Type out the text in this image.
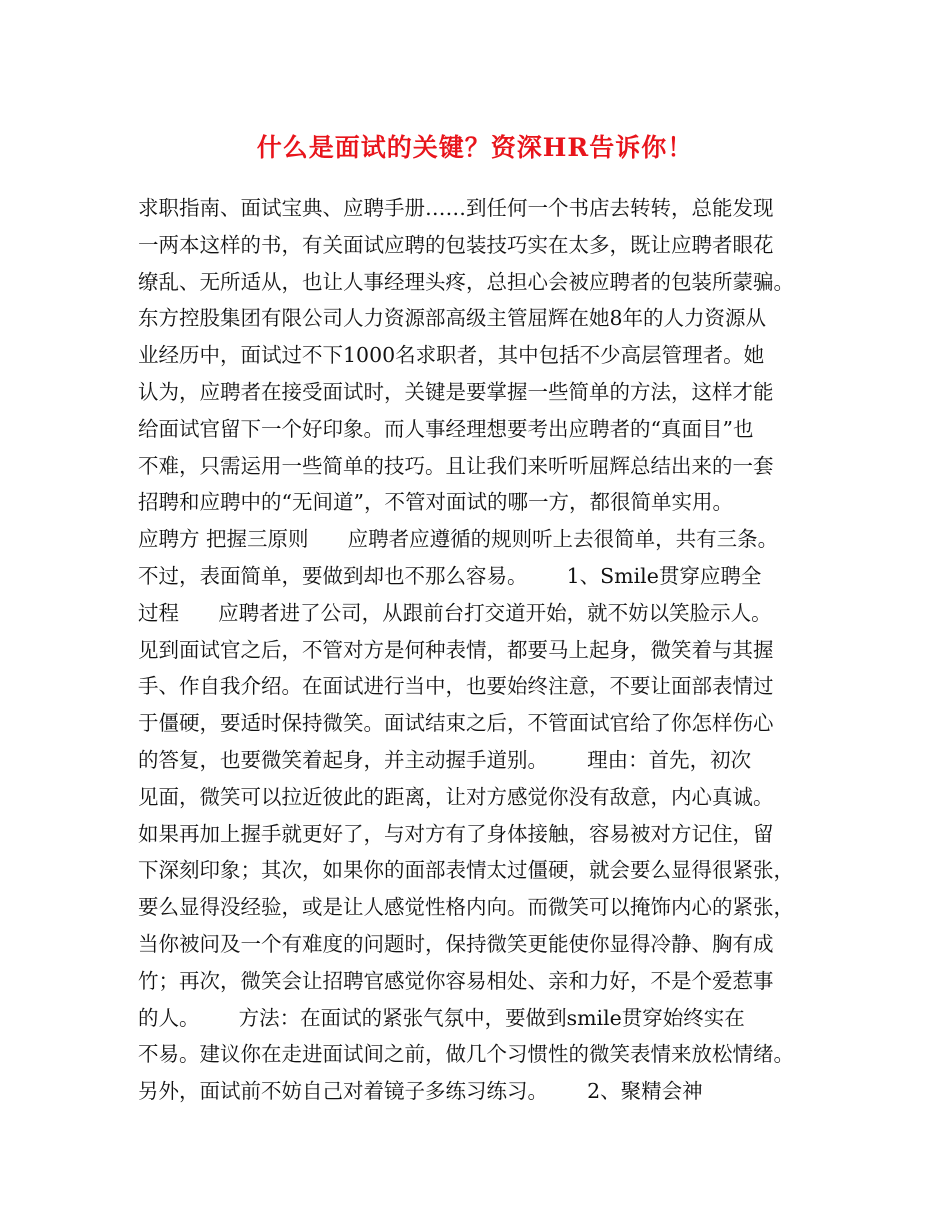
什么是面试的关键？资深HR告诉你！
求职指南、面试宝典、应聘手册……到任何一个书店去转转，总能发现
一两本这样的书，有关面试应聘的包装技巧实在太多，既让应聘者眼花
缭乱、无所适从，也让人事经理头疼，总担心会被应聘者的包装所蒙骗。
东方控股集团有限公司人力资源部高级主管屈辉在她8年的人力资源从
业经历中，面试过不下1000名求职者，其中包括不少高层管理者。她
认为，应聘者在接受面试时，关键是要掌握一些简单的方法，这样才能
给面试官留下一个好印象。而人事经理想要考出应聘者的“真面目”也
不难，只需运用一些简单的技巧。且让我们来听听屈辉总结出来的一套
招聘和应聘中的“无间道”，不管对面试的哪一方，都很简单实用。
应聘方 把握三原则      应聘者应遵循的规则听上去很简单，共有三条。
不过，表面简单，要做到却也不那么容易。      1、Smile贯穿应聘全
过程      应聘者进了公司，从跟前台打交道开始，就不妨以笑脸示人。
见到面试官之后，不管对方是何种表情，都要马上起身，微笑着与其握
手、作自我介绍。在面试进行当中，也要始终注意，不要让面部表情过
于僵硬，要适时保持微笑。面试结束之后，不管面试官给了你怎样伤心
的答复，也要微笑着起身，并主动握手道别。      理由：首先，初次
见面，微笑可以拉近彼此的距离，让对方感觉你没有敌意，内心真诚。
如果再加上握手就更好了，与对方有了身体接触，容易被对方记住，留
下深刻印象；其次，如果你的面部表情太过僵硬，就会要么显得很紧张，
要么显得没经验，或是让人感觉性格内向。而微笑可以掩饰内心的紧张，
当你被问及一个有难度的问题时，保持微笑更能使你显得冷静、胸有成
竹；再次，微笑会让招聘官感觉你容易相处、亲和力好，不是个爱惹事
的人。      方法：在面试的紧张气氛中，要做到smile贯穿始终实在
不易。建议你在走进面试间之前，做几个习惯性的微笑表情来放松情绪。
另外，面试前不妨自己对着镜子多练习练习。      2、聚精会神
